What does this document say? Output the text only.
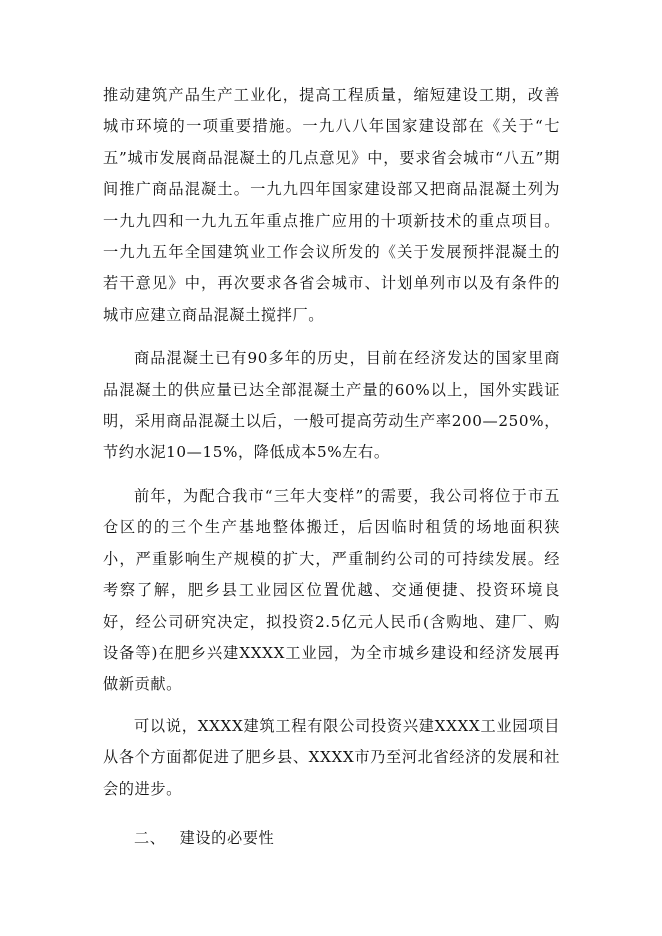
推动建筑产品生产工业化，提高工程质量，缩短建设工期，改善城市环境的一项重要措施。一九八八年国家建设部在《关于“七五”城市发展商品混凝土的几点意见》中，要求省会城市“八五”期间推广商品混凝土。一九九四年国家建设部又把商品混凝土列为一九九四和一九九五年重点推广应用的十项新技术的重点项目。一九九五年全国建筑业工作会议所发的《关于发展预拌混凝土的若干意见》中，再次要求各省会城市、计划单列市以及有条件的城市应建立商品混凝土搅拌厂。

商品混凝土已有90多年的历史，目前在经济发达的国家里商品混凝土的供应量已达全部混凝土产量的60%以上，国外实践证明，采用商品混凝土以后，一般可提高劳动生产率200—250%，节约水泥10—15%，降低成本5%左右。

前年，为配合我市“三年大变样”的需要，我公司将位于市五仓区的的三个生产基地整体搬迁，后因临时租赁的场地面积狭小，严重影响生产规模的扩大，严重制约公司的可持续发展。经考察了解，肥乡县工业园区位置优越、交通便捷、投资环境良好，经公司研究决定，拟投资2.5亿元人民币(含购地、建厂、购设备等)在肥乡兴建XXXX工业园，为全市城乡建设和经济发展再做新贡献。

可以说，XXXX建筑工程有限公司投资兴建XXXX工业园项目从各个方面都促进了肥乡县、XXXX市乃至河北省经济的发展和社会的进步。

二、 建设的必要性
